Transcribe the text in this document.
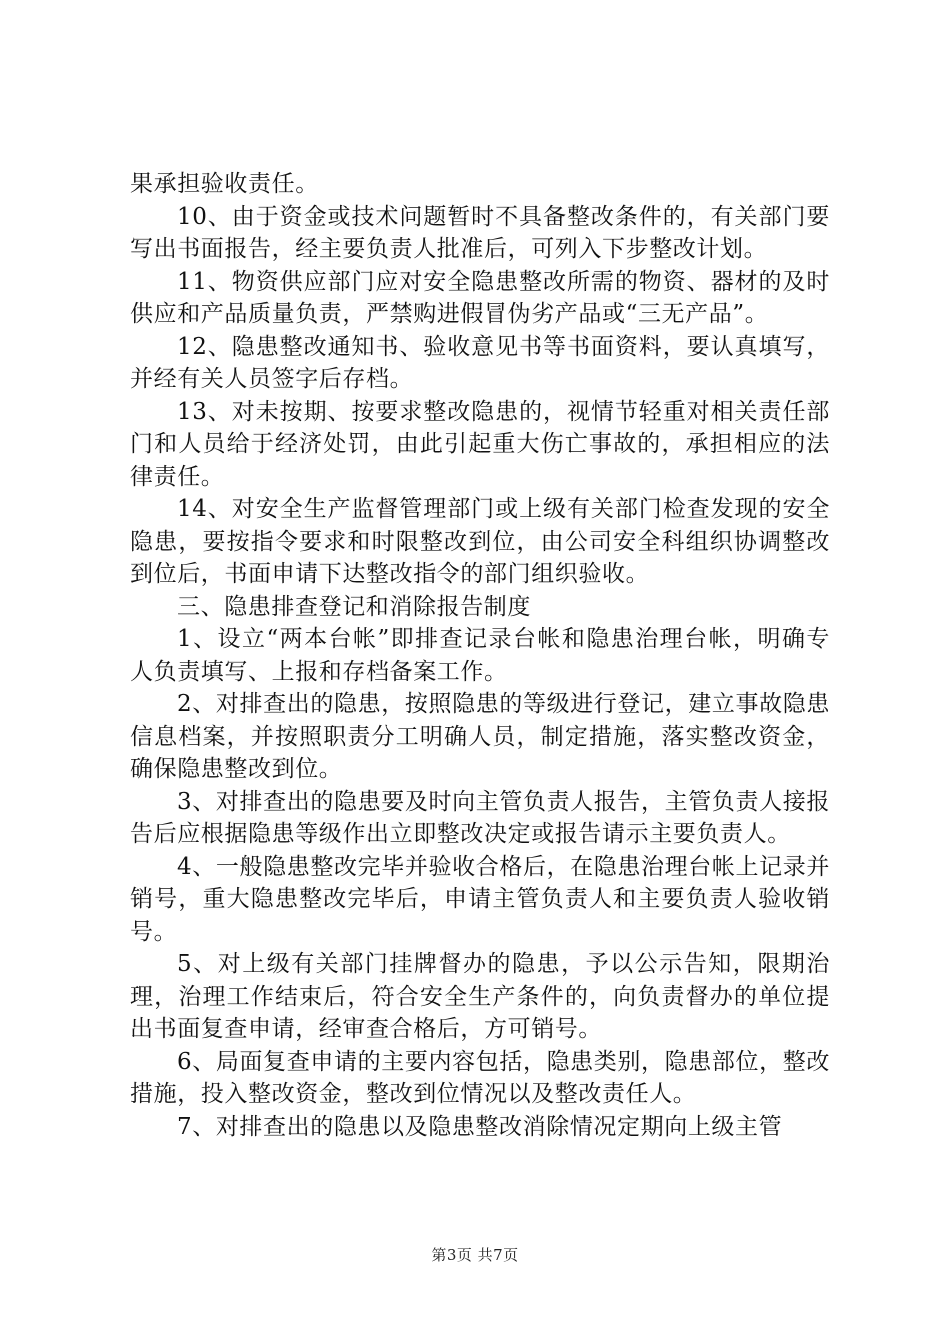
果承担验收责任。

10、由于资金或技术问题暂时不具备整改条件的，有关部门要写出书面报告，经主要负责人批准后，可列入下步整改计划。

11、物资供应部门应对安全隐患整改所需的物资、器材的及时供应和产品质量负责，严禁购进假冒伪劣产品或“三无产品”。

12、隐患整改通知书、验收意见书等书面资料，要认真填写，并经有关人员签字后存档。

13、对未按期、按要求整改隐患的，视情节轻重对相关责任部门和人员给于经济处罚，由此引起重大伤亡事故的，承担相应的法律责任。

14、对安全生产监督管理部门或上级有关部门检查发现的安全隐患，要按指令要求和时限整改到位，由公司安全科组织协调整改到位后，书面申请下达整改指令的部门组织验收。

三、隐患排查登记和消除报告制度

1、设立“两本台帐”即排查记录台帐和隐患治理台帐，明确专人负责填写、上报和存档备案工作。

2、对排查出的隐患，按照隐患的等级进行登记，建立事故隐患信息档案，并按照职责分工明确人员，制定措施，落实整改资金，确保隐患整改到位。

3、对排查出的隐患要及时向主管负责人报告，主管负责人接报告后应根据隐患等级作出立即整改决定或报告请示主要负责人。

4、一般隐患整改完毕并验收合格后，在隐患治理台帐上记录并销号，重大隐患整改完毕后，申请主管负责人和主要负责人验收销号。

5、对上级有关部门挂牌督办的隐患，予以公示告知，限期治理，治理工作结束后，符合安全生产条件的，向负责督办的单位提出书面复查申请，经审查合格后，方可销号。

6、局面复查申请的主要内容包括，隐患类别，隐患部位，整改措施，投入整改资金，整改到位情况以及整改责任人。

7、对排查出的隐患以及隐患整改消除情况定期向上级主管

第3页 共7页
